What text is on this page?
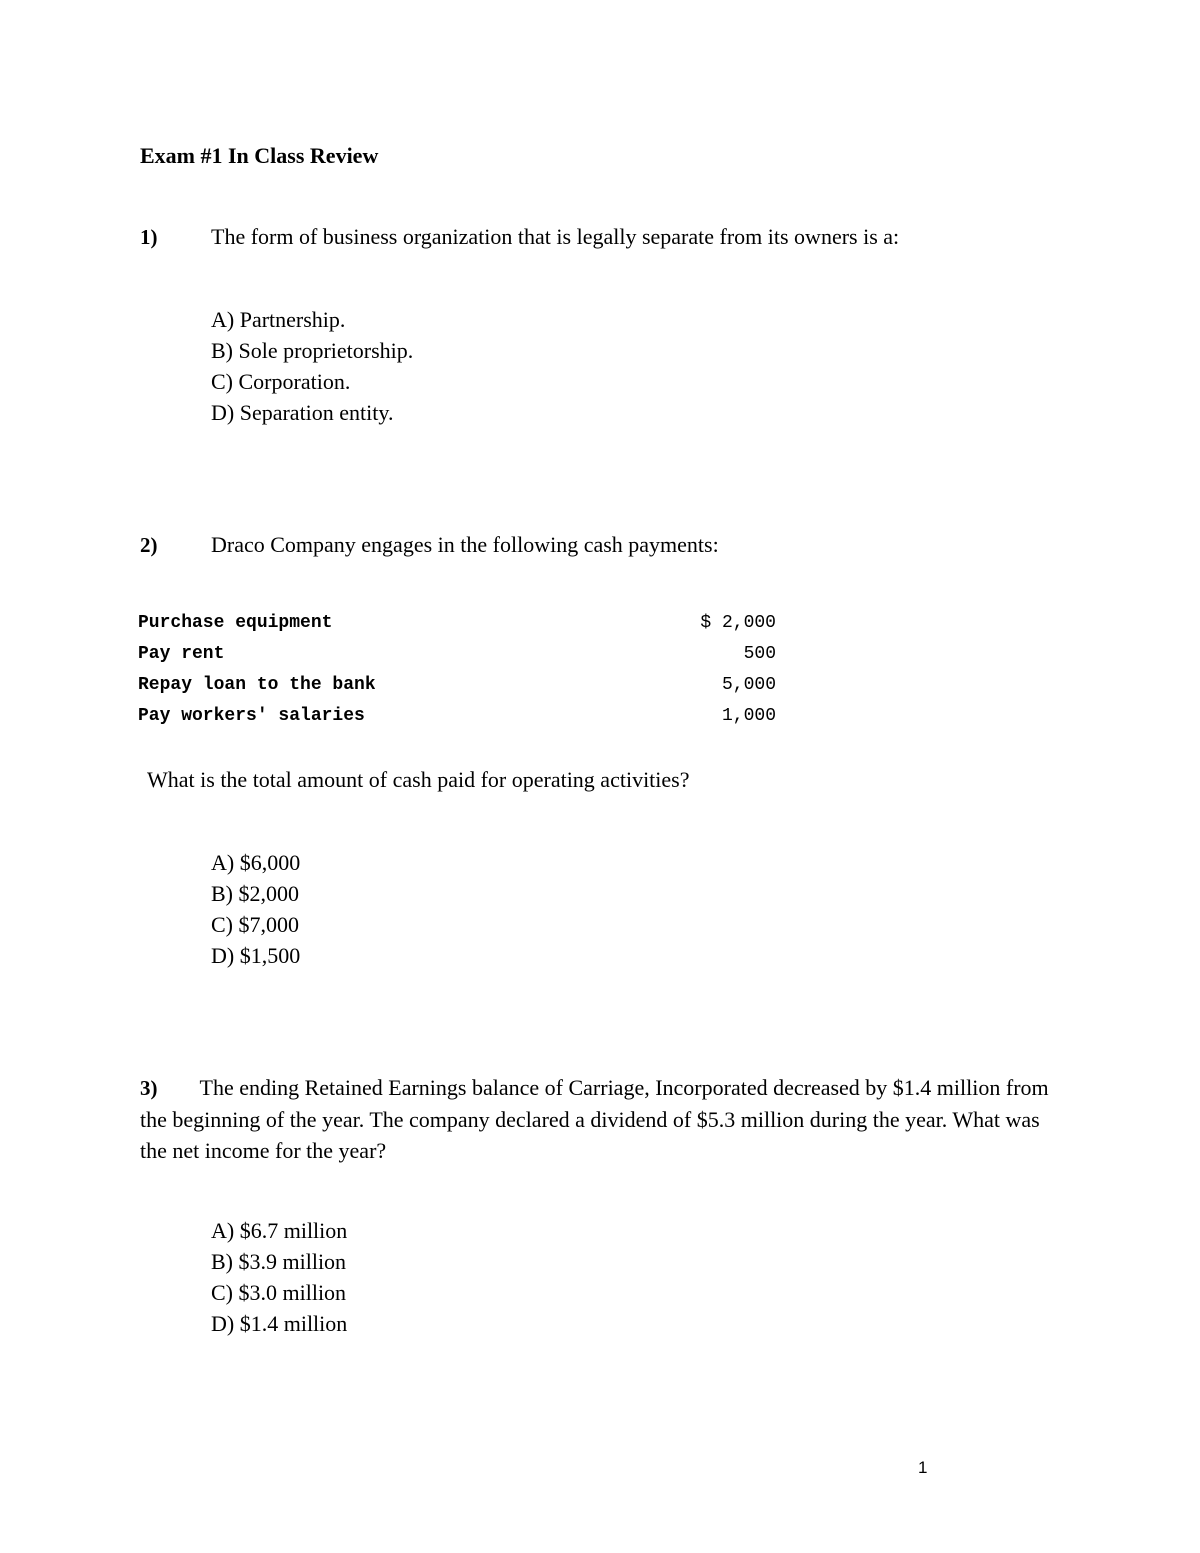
Exam #1 In Class Review
1) The form of business organization that is legally separate from its owners is a:
A) Partnership.
B) Sole proprietorship.
C) Corporation.
D) Separation entity.
2) Draco Company engages in the following cash payments:
Purchase equipment	$ 2,000
Pay rent	500
Repay loan to the bank	5,000
Pay workers' salaries	1,000
What is the total amount of cash paid for operating activities?
A) $6,000
B) $2,000
C) $7,000
D) $1,500
3) The ending Retained Earnings balance of Carriage, Incorporated decreased by $1.4 million from the beginning of the year. The company declared a dividend of $5.3 million during the year. What was the net income for the year?
A) $6.7 million
B) $3.9 million
C) $3.0 million
D) $1.4 million
1
